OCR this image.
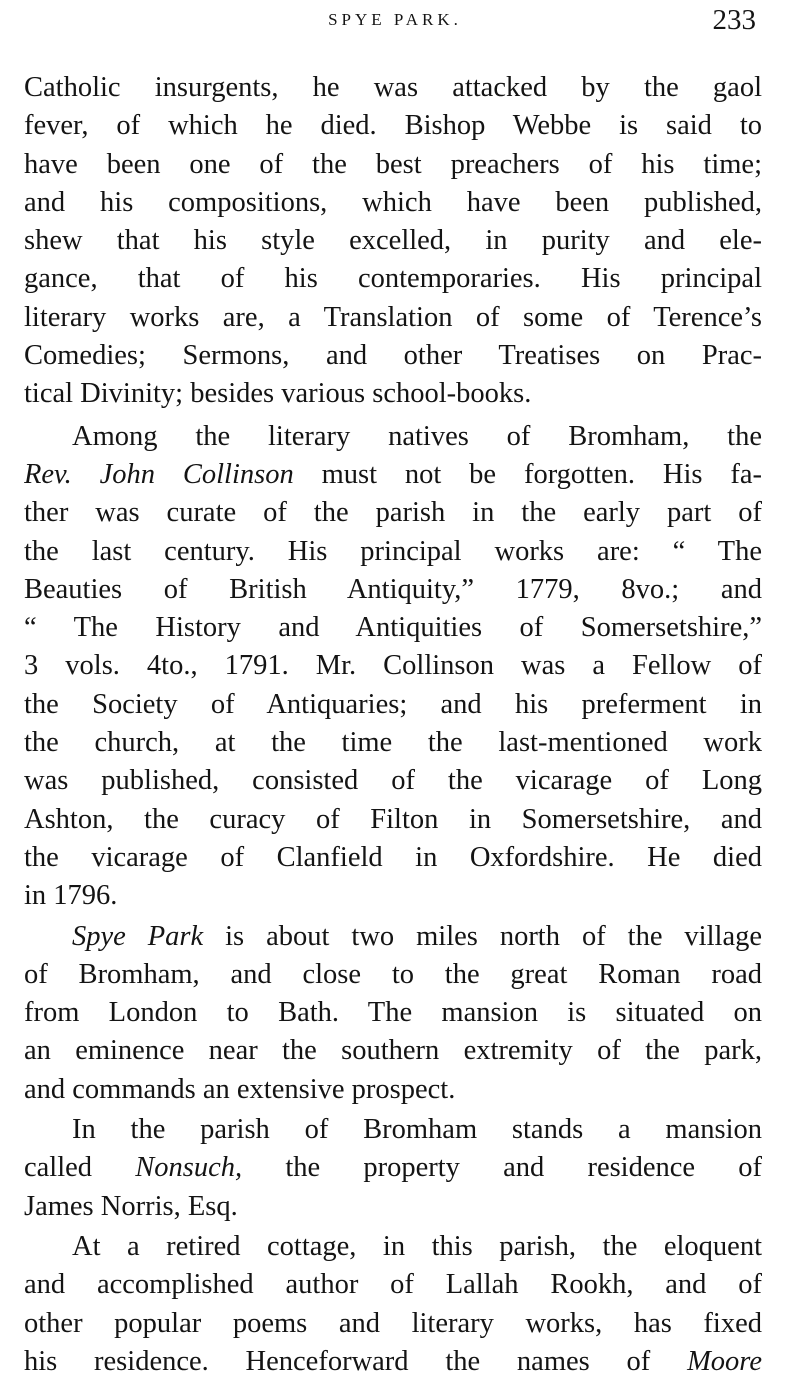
SPYE PARK.	233
Catholic insurgents, he was attacked by the gaol
fever, of which he died. Bishop Webbe is said to
have been one of the best preachers of his time;
and his compositions, which have been published,
shew that his style excelled, in purity and ele-
gance, that of his contemporaries. His principal
literary works are, a Translation of some of Terence’s
Comedies; Sermons, and other Treatises on Prac-
tical Divinity; besides various school-books.
Among the literary natives of Bromham, the
Rev. John Collinson must not be forgotten. His fa-
ther was curate of the parish in the early part of
the last century. His principal works are: “ The
Beauties of British Antiquity,” 1779, 8vo.; and
“ The History and Antiquities of Somersetshire,”
3 vols. 4to., 1791. Mr. Collinson was a Fellow of
the Society of Antiquaries; and his preferment in
the church, at the time the last-mentioned work
was published, consisted of the vicarage of Long
Ashton, the curacy of Filton in Somersetshire, and
the vicarage of Clanfield in Oxfordshire. He died
in 1796.
Spye Park is about two miles north of the village
of Bromham, and close to the great Roman road
from London to Bath. The mansion is situated on
an eminence near the southern extremity of the park,
and commands an extensive prospect.
In the parish of Bromham stands a mansion
called Nonsuch, the property and residence of
James Norris, Esq.
At a retired cottage, in this parish, the eloquent
and accomplished author of Lallah Rookh, and of
other popular poems and literary works, has fixed
his residence. Henceforward the names of Moore
